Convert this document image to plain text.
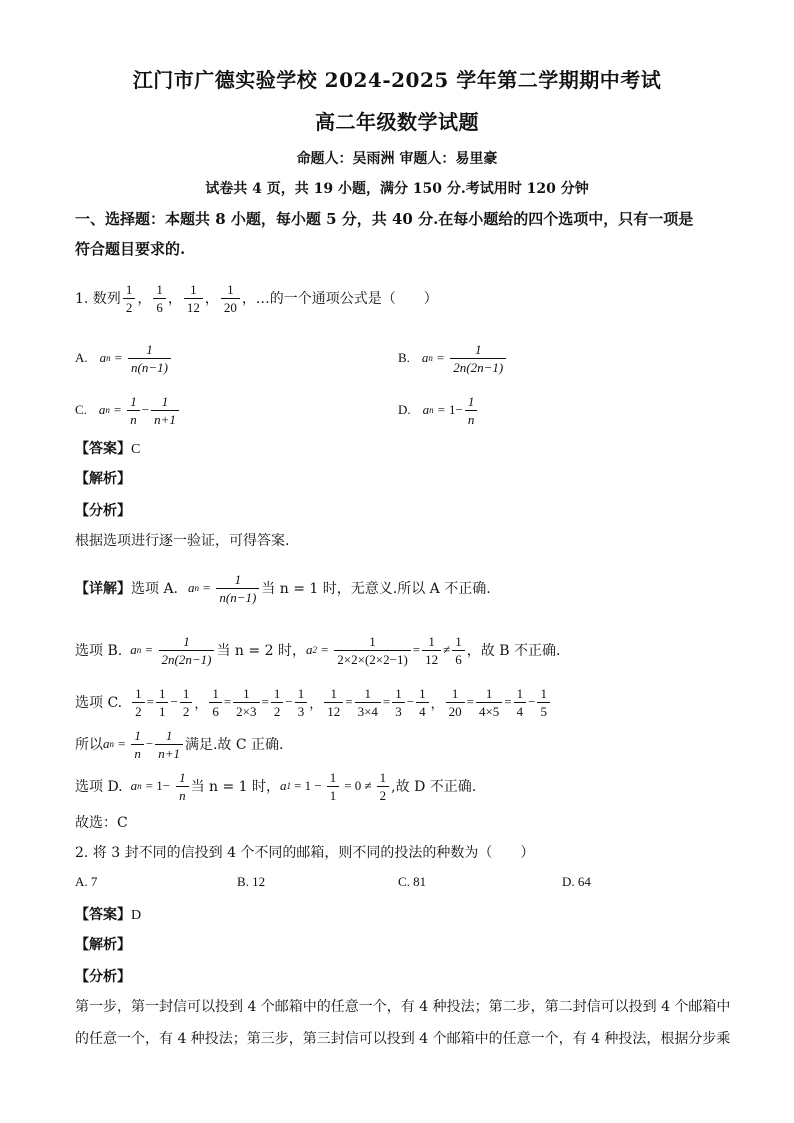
江门市广德实验学校 2024-2025 学年第二学期期中考试
高二年级数学试题
命题人：吴雨洲 审题人：易里豪
试卷共 4 页，共 19 小题，满分 150 分.考试用时 120 分钟
一、选择题：本题共 8 小题，每小题 5 分，共 40 分.在每小题给的四个选项中，只有一项是
符合题目要求的.
1. 数列 $\frac{1}{2}$ ， $\frac{1}{6}$ ， $\frac{1}{12}$ ， $\frac{1}{20}$ ，…的一个通项公式是（　　）
A. a $n = \frac{1}{n(n-1)}$	B. a $n = \frac{1}{2n(2n-1)}$
C. a $n = \frac{1}{n} - \frac{1}{n+1}$	D. a $n = 1- \frac{1}{n}$
【答案】C
【解析】
【分析】
根据选项进行逐一验证，可得答案.
【详解】 选项 A. a $n = \frac{1}{n(n-1)}$ 当 n = 1 时，无意义.所以 A 不正确.
选项 B. a $n = \frac{1}{2n(2n-1)}$ 当 n = 2 时， a $2 = \frac{1}{2\times 2\times(2\times 2-1)} = \frac{1}{12} \ne \frac{1}{6}$ ，故 B 不正确.
选项 C. $\frac{1}{2} = \frac{1}{1} - \frac{1}{2}$ ， $\frac{1}{6} = \frac{1}{2\times 3} = \frac{1}{2} - \frac{1}{3}$ ， $\frac{1}{12} = \frac{1}{3\times 4} = \frac{1}{3} - \frac{1}{4}$ ， $\frac{1}{20} = \frac{1}{4\times 5} = \frac{1}{4} - \frac{1}{5}$
所以 a $n = \frac{1}{n} - \frac{1}{n+1}$ 满足.故 C 正确.
选项 D. a $n = 1- \frac{1}{n}$ 当 n = 1 时， a $1 = 1 - \frac{1}{1} = 0 \ne \frac{1}{2}$ ,故 D 不正确.
故选：C
2. 将 3 封不同的信投到 4 个不同的邮箱，则不同的投法的种数为（　　）
A. 7	B. 12	C. 81	D. 64
【答案】D
【解析】
【分析】
第一步，第一封信可以投到 4 个邮箱中的任意一个，有 4 种投法；第二步，第二封信可以投到 4 个邮箱中
的任意一个，有 4 种投法；第三步，第三封信可以投到 4 个邮箱中的任意一个，有 4 种投法，根据分步乘
